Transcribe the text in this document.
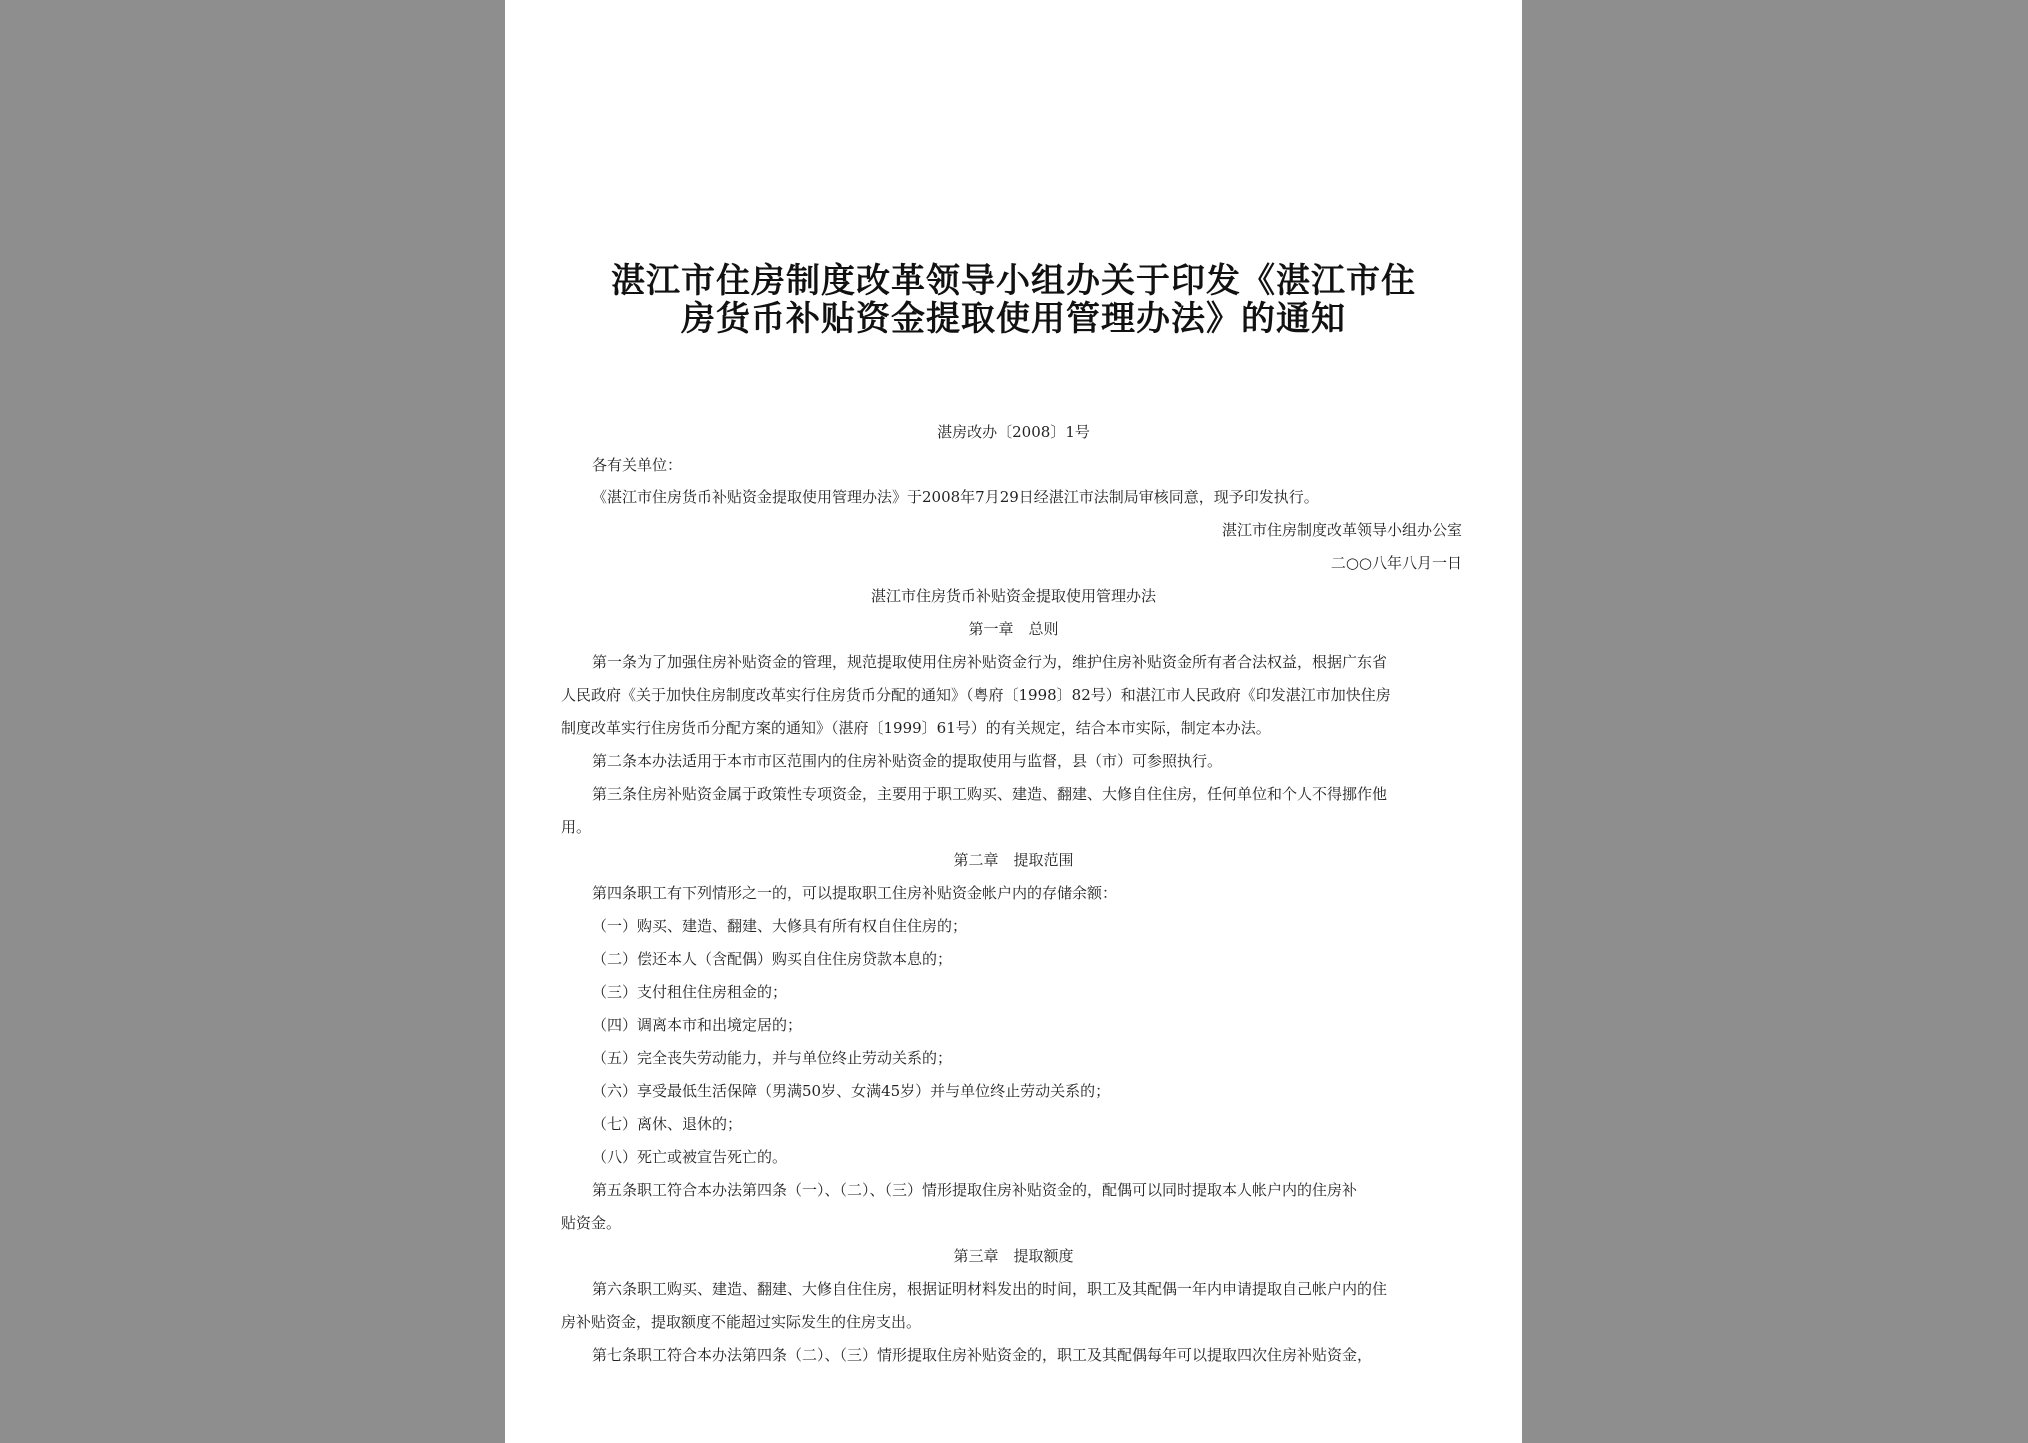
湛江市住房制度改革领导小组办关于印发《湛江市住
房货币补贴资金提取使用管理办法》的通知
湛房改办〔2008〕1号
各有关单位：
《湛江市住房货币补贴资金提取使用管理办法》于2008年7月29日经湛江市法制局审核同意，现予印发执行。
湛江市住房制度改革领导小组办公室
二○○八年八月一日
湛江市住房货币补贴资金提取使用管理办法
第一章　总则
第一条为了加强住房补贴资金的管理，规范提取使用住房补贴资金行为，维护住房补贴资金所有者合法权益，根据广东省
人民政府《关于加快住房制度改革实行住房货币分配的通知》（粤府〔1998〕82号）和湛江市人民政府《印发湛江市加快住房
制度改革实行住房货币分配方案的通知》（湛府〔1999〕61号）的有关规定，结合本市实际，制定本办法。
第二条本办法适用于本市市区范围内的住房补贴资金的提取使用与监督，县（市）可参照执行。
第三条住房补贴资金属于政策性专项资金，主要用于职工购买、建造、翻建、大修自住住房，任何单位和个人不得挪作他
用。
第二章　提取范围
第四条职工有下列情形之一的，可以提取职工住房补贴资金帐户内的存储余额：
（一）购买、建造、翻建、大修具有所有权自住住房的；
（二）偿还本人（含配偶）购买自住住房贷款本息的；
（三）支付租住住房租金的；
（四）调离本市和出境定居的；
（五）完全丧失劳动能力，并与单位终止劳动关系的；
（六）享受最低生活保障（男满50岁、女满45岁）并与单位终止劳动关系的；
（七）离休、退休的；
（八）死亡或被宣告死亡的。
第五条职工符合本办法第四条（一）、（二）、（三）情形提取住房补贴资金的，配偶可以同时提取本人帐户内的住房补
贴资金。
第三章　提取额度
第六条职工购买、建造、翻建、大修自住住房，根据证明材料发出的时间，职工及其配偶一年内申请提取自己帐户内的住
房补贴资金，提取额度不能超过实际发生的住房支出。
第七条职工符合本办法第四条（二）、（三）情形提取住房补贴资金的，职工及其配偶每年可以提取四次住房补贴资金，
